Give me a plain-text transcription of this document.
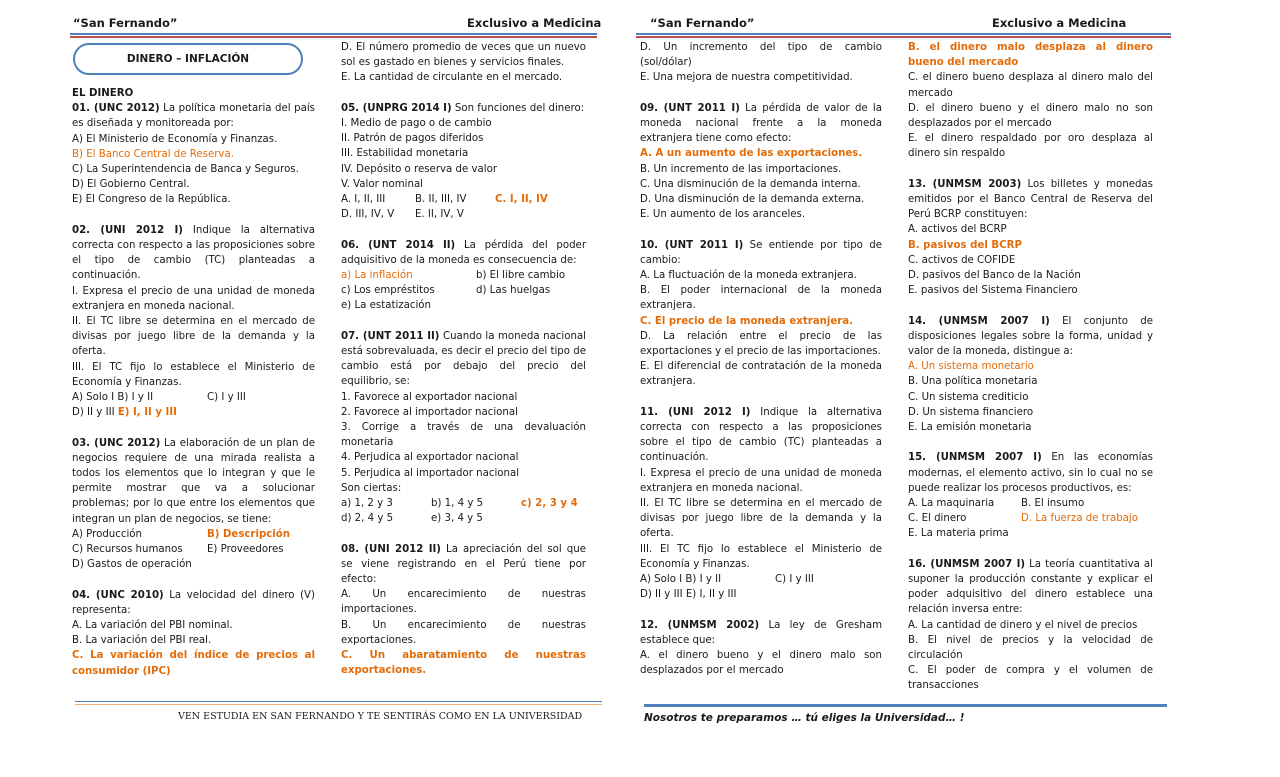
“San Fernando”	Exclusivo a Medicina	“San Fernando”	Exclusivo a Medicina
DINERO – INFLACIÓN

EL DINERO

01. (UNC 2012) La política monetaria del país es diseñada y monitoreada por:

A) El Ministerio de Economía y Finanzas.

B) El Banco Central de Reserva.

C) La Superintendencia de Banca y Seguros.

D) El Gobierno Central.

E) El Congreso de la República.

02. (UNI 2012 I) Indique la alternativa correcta con respecto a las proposiciones sobre el tipo de cambio (TC) planteadas a continuación.

I. Expresa el precio de una unidad de moneda extranjera en moneda nacional.

II. El TC libre se determina en el mercado de divisas por juego libre de la demanda y la oferta.

III. El TC fijo lo establece el Ministerio de Economía y Finanzas.

A) Solo I B) I y II	C) I y III

D) II y III E) I, II y III

03. (UNC 2012) La elaboración de un plan de negocios requiere de una mirada realista a todos los elementos que lo integran y que le permite mostrar que va a solucionar problemas; por lo que entre los elementos que integran un plan de negocios, se tiene:

A) Producción	B) Descripción

C) Recursos humanos	E) Proveedores

D) Gastos de operación

04. (UNC 2010) La velocidad del dinero (V) representa:

A. La variación del PBI nominal.

B. La variación del PBI real.

C. La variación del índice de precios al consumidor (IPC)

D. El número promedio de veces que un nuevo sol es gastado en bienes y servicios finales.

E. La cantidad de circulante en el mercado.

05. (UNPRG 2014 I) Son funciones del dinero:

I. Medio de pago o de cambio

II. Patrón de pagos diferidos

III. Estabilidad monetaria

IV. Depósito o reserva de valor

V. Valor nominal

A. I, II, III	B. II, III, IV	C. I, II, IV

D. III, IV, V	E. II, IV, V

06. (UNT 2014 II) La pérdida del poder adquisitivo de la moneda es consecuencia de:

a) La inflación	b) El libre cambio

c) Los empréstitos	d) Las huelgas

e) La estatización

07. (UNT 2011 II) Cuando la moneda nacional está sobrevaluada, es decir el precio del tipo de cambio está por debajo del precio del equilibrio, se:

1. Favorece al exportador nacional

2. Favorece al importador nacional

3. Corrige a través de una devaluación monetaria

4. Perjudica al exportador nacional

5. Perjudica al importador nacional

Son ciertas:

a) 1, 2 y 3	b) 1, 4 y 5	c) 2, 3 y 4

d) 2, 4 y 5	e) 3, 4 y 5

08. (UNI 2012 II) La apreciación del sol que se viene registrando en el Perú tiene por efecto:

A. Un encarecimiento de nuestras importaciones.

B. Un encarecimiento de nuestras exportaciones.

C. Un abaratamiento de nuestras exportaciones.

D. Un incremento del tipo de cambio (sol/dólar)

E. Una mejora de nuestra competitividad.

09. (UNT 2011 I) La pérdida de valor de la moneda nacional frente a la moneda extranjera tiene como efecto:

A. A un aumento de las exportaciones.

B. Un incremento de las importaciones.

C. Una disminución de la demanda interna.

D. Una disminución de la demanda externa.

E. Un aumento de los aranceles.

10. (UNT 2011 I) Se entiende por tipo de cambio:

A. La fluctuación de la moneda extranjera.

B. El poder internacional de la moneda extranjera.

C. El precio de la moneda extranjera.

D. La relación entre el precio de las exportaciones y el precio de las importaciones.

E. El diferencial de contratación de la moneda extranjera.

11. (UNI 2012 I) Indique la alternativa correcta con respecto a las proposiciones sobre el tipo de cambio (TC) planteadas a continuación.

I. Expresa el precio de una unidad de moneda extranjera en moneda nacional.

II. El TC libre se determina en el mercado de divisas por juego libre de la demanda y la oferta.

III. El TC fijo lo establece el Ministerio de Economía y Finanzas.

A) Solo I B) I y II	C) I y III

D) II y III E) I, II y III

12. (UNMSM 2002) La ley de Gresham establece que:

A. el dinero bueno y el dinero malo son desplazados por el mercado

B. el dinero malo desplaza al dinero bueno del mercado

C. el dinero bueno desplaza al dinero malo del mercado

D. el dinero bueno y el dinero malo no son desplazados por el mercado

E. el dinero respaldado por oro desplaza al dinero sin respaldo

13. (UNMSM 2003) Los billetes y monedas emitidos por el Banco Central de Reserva del Perú BCRP constituyen:

A. activos del BCRP

B. pasivos del BCRP

C. activos de COFIDE

D. pasivos del Banco de la Nación

E. pasivos del Sistema Financiero

14. (UNMSM 2007 I) El conjunto de disposiciones legales sobre la forma, unidad y valor de la moneda, distingue a:

A. Un sistema monetario

B. Una política monetaria

C. Un sistema crediticio

D. Un sistema financiero

E. La emisión monetaria

15. (UNMSM 2007 I) En las economías modernas, el elemento activo, sin lo cual no se puede realizar los procesos productivos, es:

A. La maquinaria	B. El insumo

C. El dinero	D. La fuerza de trabajo

E. La materia prima

16. (UNMSM 2007 I) La teoría cuantitativa al suponer la producción constante y explicar el poder adquisitivo del dinero establece una relación inversa entre:

A. La cantidad de dinero y el nivel de precios

B. El nivel de precios y la velocidad de circulación

C. El poder de compra y el volumen de transacciones

VEN ESTUDIA EN SAN FERNANDO Y TE SENTIRÁS COMO EN LA UNIVERSIDAD	Nosotros te preparamos … tú eliges la Universidad… !
